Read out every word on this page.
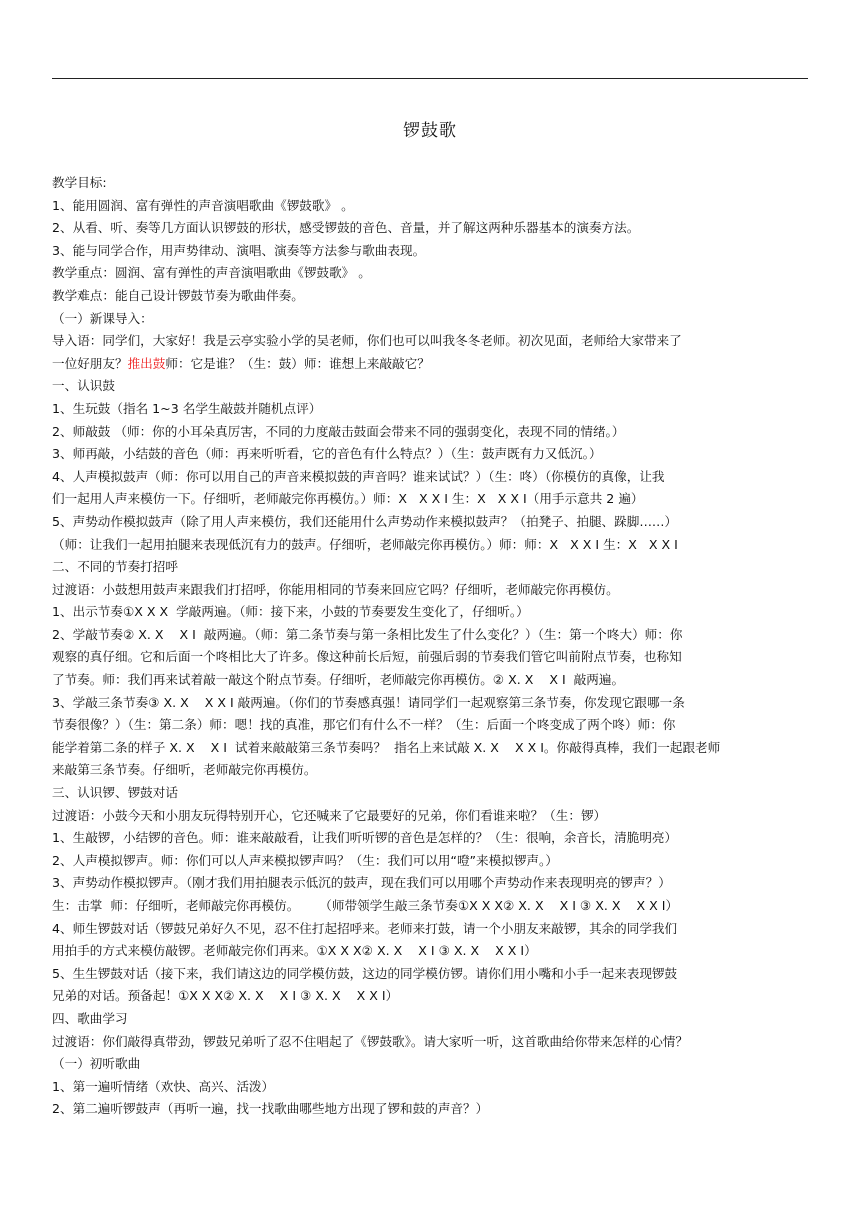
锣鼓歌

教学目标:

1、能用圆润、富有弹性的声音演唱歌曲《锣鼓歌》 。

2、从看、听、奏等几方面认识锣鼓的形状，感受锣鼓的音色、音量，并了解这两种乐器基本的演奏方法。

3、能与同学合作，用声势律动、演唱、演奏等方法参与歌曲表现。

教学重点：圆润、富有弹性的声音演唱歌曲《锣鼓歌》 。

教学难点：能自己设计锣鼓节奏为歌曲伴奏。

（一）新课导入：

导入语：同学们，大家好！我是云亭实验小学的吴老师，你们也可以叫我冬冬老师。初次见面，老师给大家带来了

一位好朋友？推出鼓师：它是谁？（生：鼓）师：谁想上来敲敲它？

一、认识鼓

1、生玩鼓（指名 1~3 名学生敲鼓并随机点评）

2、师敲鼓 （师：你的小耳朵真厉害，不同的力度敲击鼓面会带来不同的强弱变化，表现不同的情绪。）

3、师再敲，小结鼓的音色（师：再来听听看，它的音色有什么特点？）（生：鼓声既有力又低沉。）

4、人声模拟鼓声（师：你可以用自己的声音来模拟鼓的声音吗？谁来试试？）（生：咚）（你模仿的真像，让我

们一起用人声来模仿一下。仔细听，老师敲完你再模仿。）师：X   X X I 生：X   X X I（用手示意共 2 遍）

5、声势动作模拟鼓声（除了用人声来模仿，我们还能用什么声势动作来模拟鼓声？（拍凳子、拍腿、跺脚……）

（师：让我们一起用拍腿来表现低沉有力的鼓声。仔细听，老师敲完你再模仿。）师：师：X   X X I 生：X   X X I

二、不同的节奏打招呼

过渡语：小鼓想用鼓声来跟我们打招呼，你能用相同的节奏来回应它吗？仔细听，老师敲完你再模仿。

1、出示节奏①X X X  学敲两遍。（师：接下来，小鼓的节奏要发生变化了，仔细听。）

2、学敲节奏② X. X    X I  敲两遍。（师：第二条节奏与第一条相比发生了什么变化？）（生：第一个咚大）师：你

观察的真仔细。它和后面一个咚相比大了许多。像这种前长后短，前强后弱的节奏我们管它叫前附点节奏，也称知

了节奏。师：我们再来试着敲一敲这个附点节奏。仔细听，老师敲完你再模仿。② X. X    X I  敲两遍。

3、学敲三条节奏③ X. X    X X I 敲两遍。（你们的节奏感真强！请同学们一起观察第三条节奏，你发现它跟哪一条

节奏很像？）（生：第二条）师：嗯！找的真准，那它们有什么不一样？（生：后面一个咚变成了两个咚）师：你

能学着第二条的样子 X. X    X I  试着来敲敲第三条节奏吗？  指名上来试敲 X. X    X X I。你敲得真棒，我们一起跟老师

来敲第三条节奏。仔细听，老师敲完你再模仿。

三、认识锣、锣鼓对话

过渡语：小鼓今天和小朋友玩得特别开心，它还喊来了它最要好的兄弟，你们看谁来啦？（生：锣）

1、生敲锣，小结锣的音色。师：谁来敲敲看，让我们听听锣的音色是怎样的？（生：很响，余音长，清脆明亮）

2、人声模拟锣声。师：你们可以人声来模拟锣声吗？（生：我们可以用“噔”来模拟锣声。）

3、声势动作模拟锣声。（刚才我们用拍腿表示低沉的鼓声，现在我们可以用哪个声势动作来表现明亮的锣声？）

生：击掌  师：仔细听，老师敲完你再模仿。     （师带领学生敲三条节奏①X X X② X. X    X I ③ X. X    X X I）

4、师生锣鼓对话（锣鼓兄弟好久不见，忍不住打起招呼来。老师来打鼓，请一个小朋友来敲锣，其余的同学我们

用拍手的方式来模仿敲锣。老师敲完你们再来。①X X X② X. X    X I ③ X. X    X X I）

5、生生锣鼓对话（接下来，我们请这边的同学模仿鼓，这边的同学模仿锣。请你们用小嘴和小手一起来表现锣鼓

兄弟的对话。预备起！①X X X② X. X    X I ③ X. X    X X I）

四、歌曲学习

过渡语：你们敲得真带劲，锣鼓兄弟听了忍不住唱起了《锣鼓歌》。请大家听一听，这首歌曲给你带来怎样的心情？

（一）初听歌曲

1、第一遍听情绪（欢快、高兴、活泼）

2、第二遍听锣鼓声（再听一遍，找一找歌曲哪些地方出现了锣和鼓的声音？）
